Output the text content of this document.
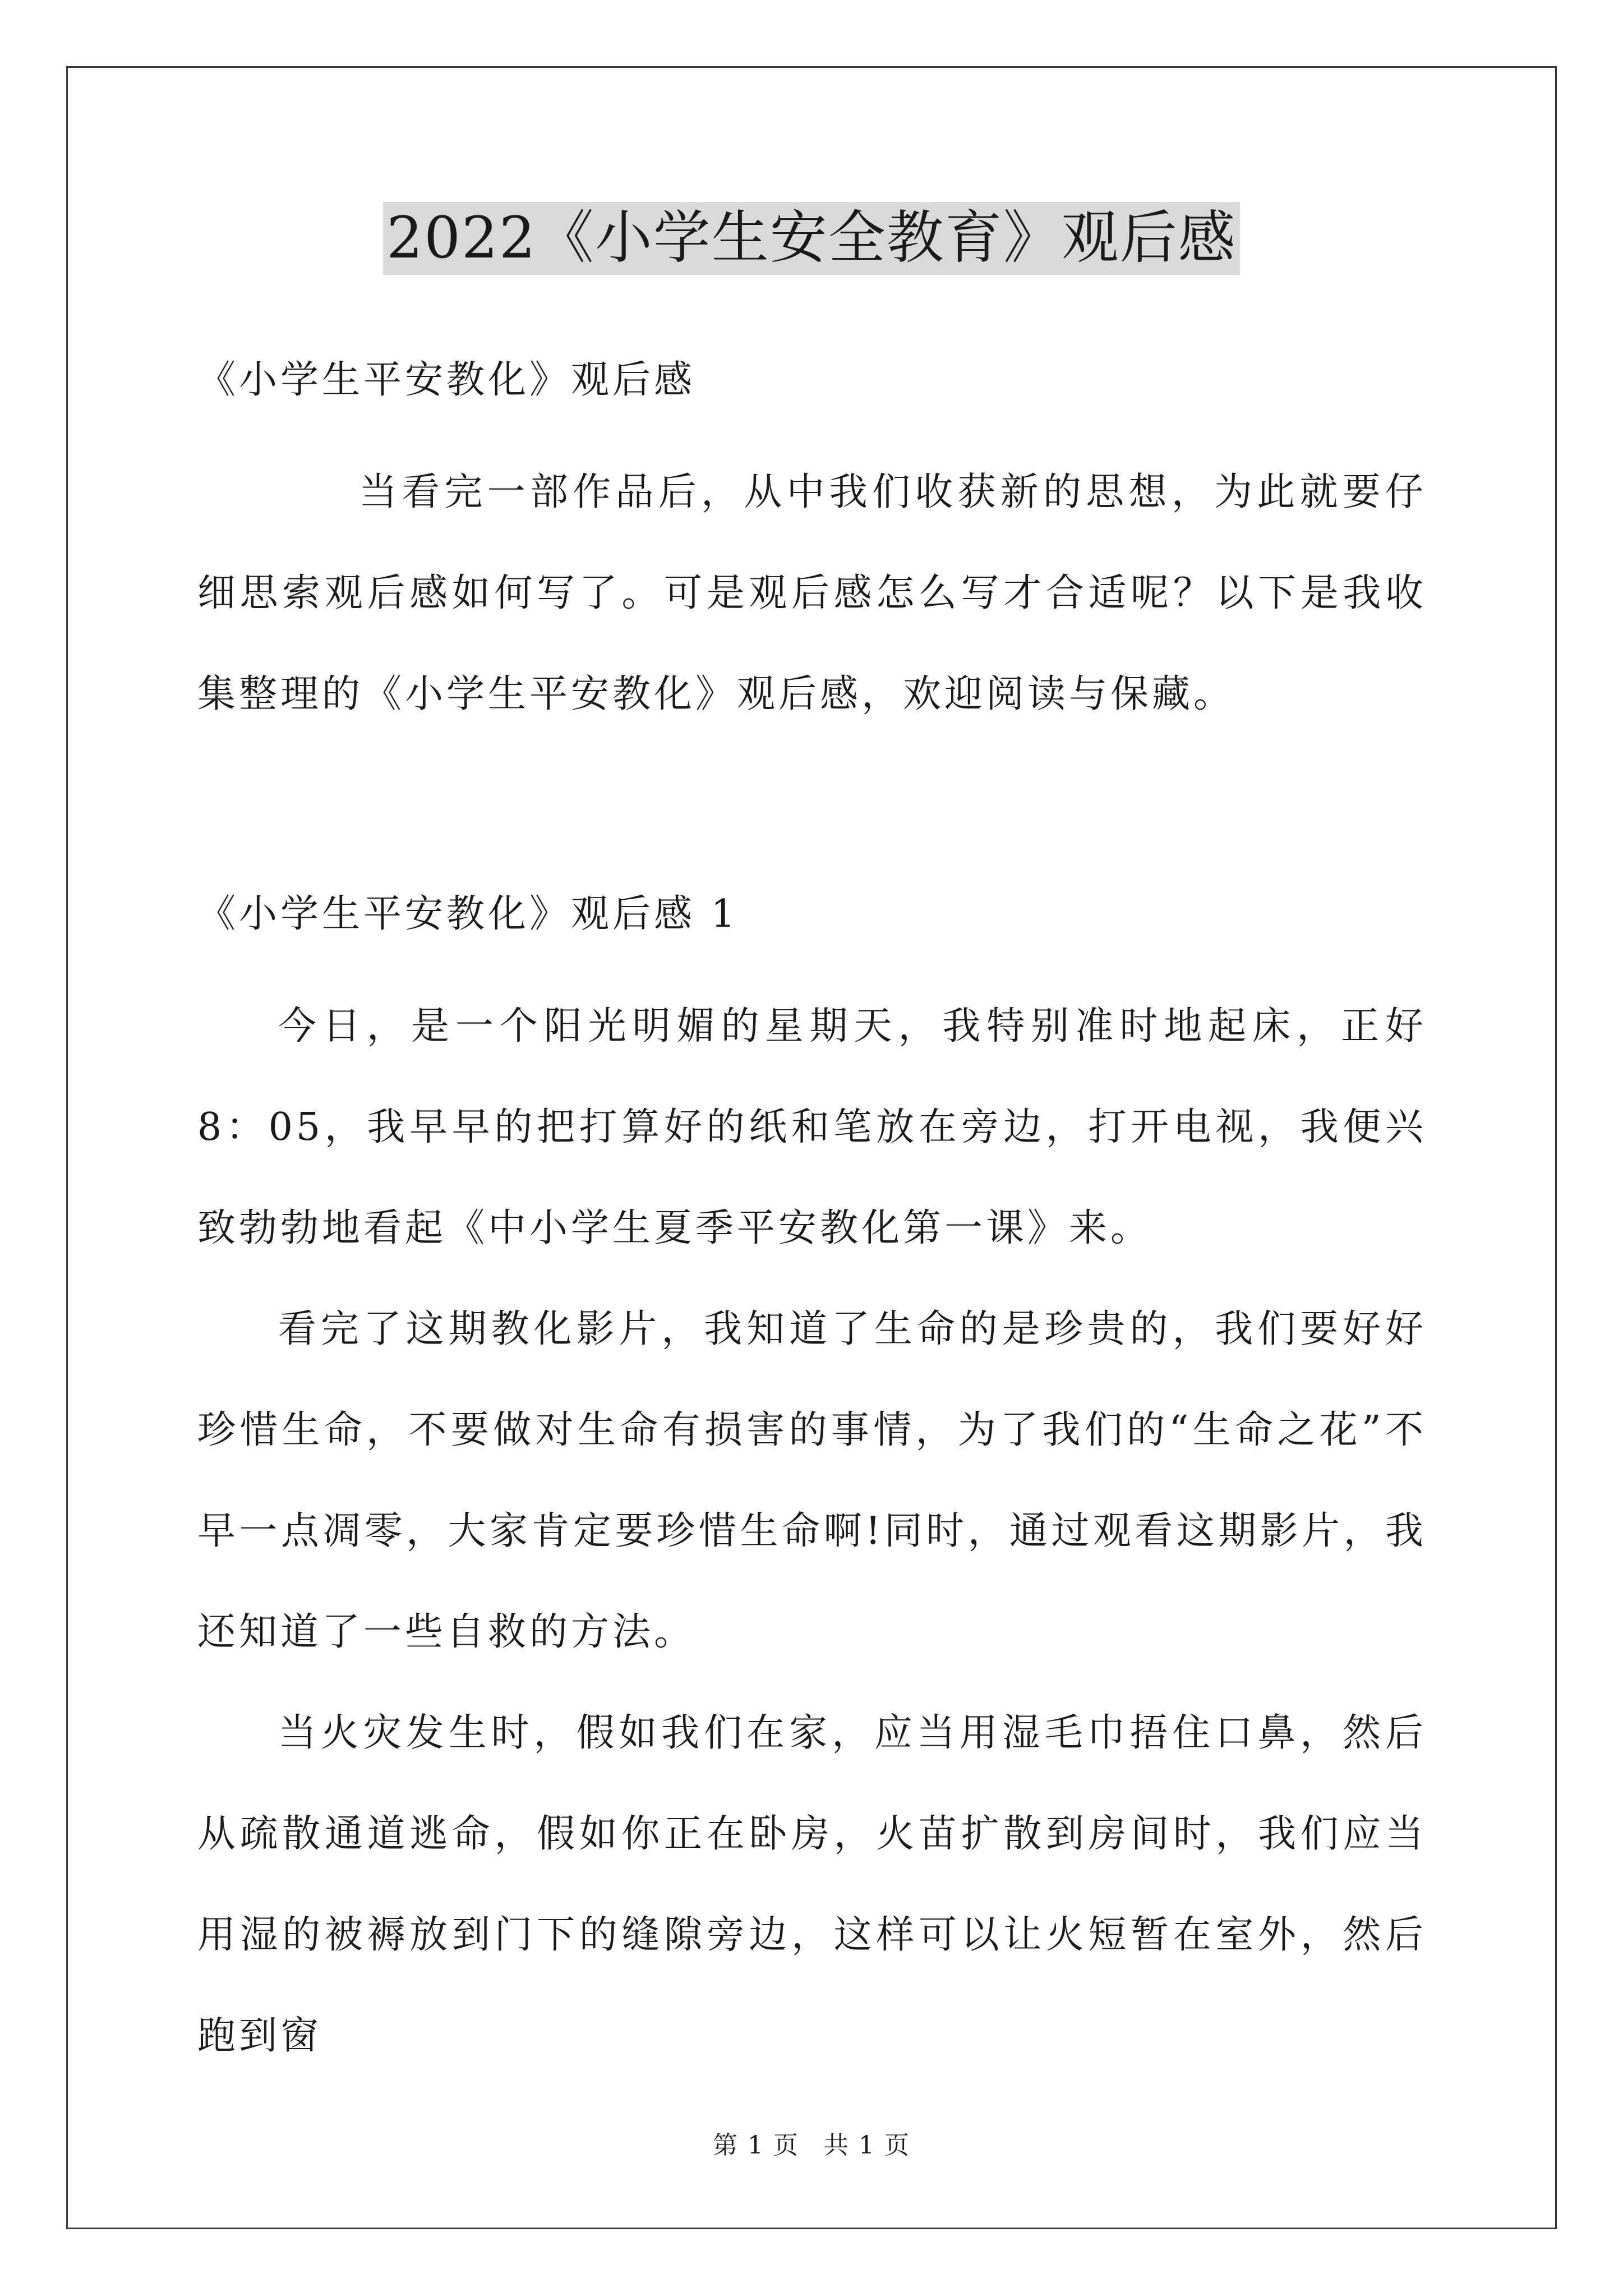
2022《小学生安全教育》观后感
《小学生平安教化》观后感

当看完一部作品后，从中我们收获新的思想，为此就要仔细思索观后感如何写了。可是观后感怎么写才合适呢？以下是我收集整理的《小学生平安教化》观后感，欢迎阅读与保藏。

《小学生平安教化》观后感 1

今日，是一个阳光明媚的星期天，我特别准时地起床，正好 8：05，我早早的把打算好的纸和笔放在旁边，打开电视，我便兴致勃勃地看起《中小学生夏季平安教化第一课》来。

看完了这期教化影片，我知道了生命的是珍贵的，我们要好好珍惜生命，不要做对生命有损害的事情，为了我们的“生命之花”不早一点凋零，大家肯定要珍惜生命啊!同时，通过观看这期影片，我还知道了一些自救的方法。

当火灾发生时，假如我们在家，应当用湿毛巾捂住口鼻，然后从疏散通道逃命，假如你正在卧房，火苗扩散到房间时，我们应当用湿的被褥放到门下的缝隙旁边，这样可以让火短暂在室外，然后跑到窗

第 1 页 共 1 页
